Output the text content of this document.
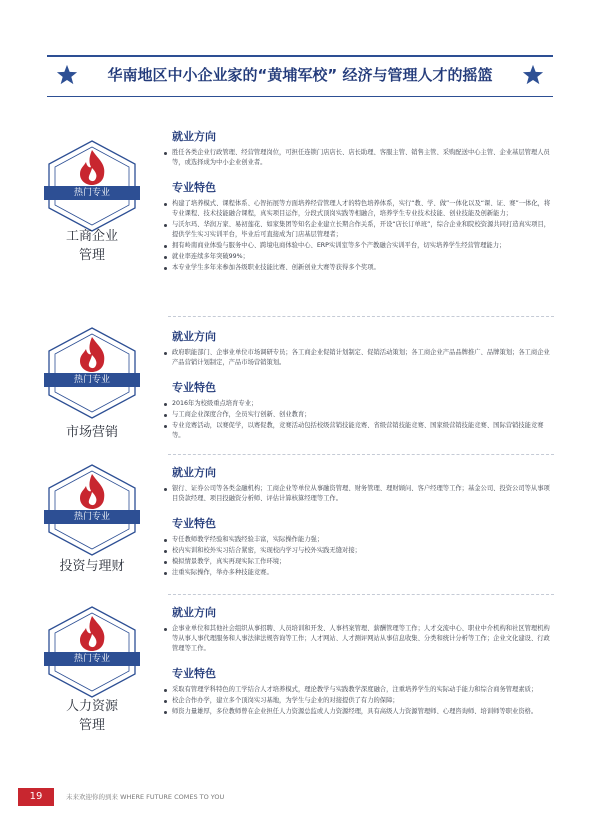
华南地区中小企业家的“黄埔军校” 经济与管理人才的摇篮
热门专业
工商企业
管理
就业方向
胜任各类企业行政管理、经营管理岗位，可担任连锁门店店长、店长助理、客服主管、销售主管、采购配送中心主管、企业基层管理人员等，或选择成为中小企业创业者。
专业特色
构建了培养模式、课程体系、心智拓展等方面培养经营管理人才的特色培养体系，实行“教、学、做”一体化以及“课、证、赛”一体化，将专业课程、技术技能融合课程，真实项目运作，分段式顶岗实践等相融合，培养学生专业技术技能、创业技能及创新能力；
与沃尔玛、华润万家、易初莲花、如家集团等知名企业建立长期合作关系，开设“店长订单班”，综合企业和院校资源共同打造真实项目，提供学生实习实训平台，毕业后可直接成为门店基层管理者；
拥有岭南商业体验与服务中心、跨境电商体验中心、ERP实训室等多个产教融合实训平台，切实培养学生经营管理能力；
就业率连续多年突破99%；
本专业学生多年来参加各级职业技能比赛、创新创业大赛等获得多个奖项。
热门专业
市场营销
就业方向
政府职能部门、企事业单位市场调研专员；各工商企业促销计划制定、促销活动策划；各工商企业产品品牌推广、品牌策划；各工商企业产品营销计划制定，产品市场营销策划。
专业特色
2016年为校级重点培育专业；
与工商企业深度合作，全员实行创新、创业教育；
专业竞赛活动，以赛促学，以赛促教，竞赛活动包括校级营销技能竞赛、省级营销技能竞赛、国家级营销技能竞赛、国际营销技能竞赛等。
热门专业
投资与理财
就业方向
银行、证券公司等各类金融机构；工商企业等单位从事融资管理、财务管理、理财顾问、客户经理等工作；基金公司、投资公司等从事项目贷款经理、项目投融资分析师、评估计算核算经理等工作。
专业特色
专任教师教学经验和实践经验丰富，实际操作能力强；
校内实训和校外实习结合紧密，实现校内学习与校外实践无缝对接；
模拟情景教学，真实再现实际工作环境；
注重实际操作，举办多种技能竞赛。
热门专业
人力资源
管理
就业方向
企事业单位和其他社会组织从事招聘、人员培训和开发、人事档案管理、薪酬管理等工作；人才交流中心、职业中介机构和社区管理机构等从事人事代理服务和人事法律法规咨询等工作；人才网站、人才测评网站从事信息收集、分类和统计分析等工作；企业文化建设、行政管理等工作。
专业特色
采取有管理学科特色的工学结合人才培养模式，理论教学与实践教学深度融合，注重培养学生的实际动手能力和综合商务管理素质；
校企合作办学，建立多个顶岗实习基地，为学生与企业的对接提供了有力的保障；
师资力量雄厚，多位教师曾在企业担任人力资源总监或人力资源经理，具有高级人力资源管理师、心理咨询师、培训师等职业资格。
19	未来欢迎你的到来 WHERE FUTURE COMES TO YOU
